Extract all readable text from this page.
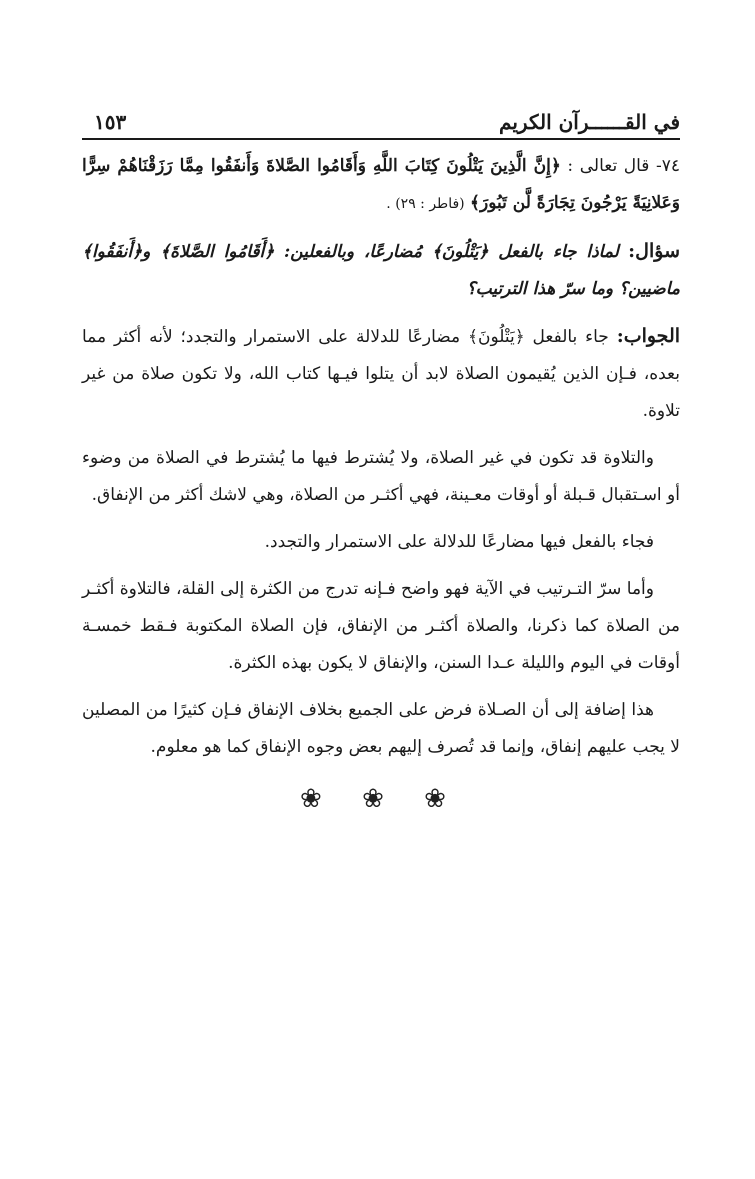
في القــــــرآن الكريم
١٥٣

٧٤- قال تعالى : ﴿إِنَّ الَّذِينَ يَتْلُونَ كِتَابَ اللَّهِ وَأَقَامُوا الصَّلاةَ وَأَنفَقُوا مِمَّا رَزَقْنَاهُمْ سِرًّا وَعَلانِيَةً يَرْجُونَ تِجَارَةً لَّن تَبُورَ﴾ (فاطر : ٢٩) .

سؤال: لماذا جاء بالفعل ﴿يَتْلُونَ﴾ مُضارعًا، وبالفعلين: ﴿أَقَامُوا الصَّلاةَ﴾ و﴿أَنفَقُوا﴾ ماضيين؟ وما سرّ هذا الترتيب؟

الجواب: جاء بالفعل ﴿يَتْلُونَ﴾ مضارعًا للدلالة على الاستمرار والتجدد؛ لأنه أكثر مما بعده، فـإن الذين يُقيمون الصلاة لابد أن يتلوا فيـها كتاب الله، ولا تكون صلاة من غير تلاوة.

والتلاوة قد تكون في غير الصلاة، ولا يُشترط فيها ما يُشترط في الصلاة من وضوء أو اسـتقبال قـبلة أو أوقات معـينة، فهي أكثـر من الصلاة، وهي لاشك أكثر من الإنفاق.

فجاء بالفعل فيها مضارعًا للدلالة على الاستمرار والتجدد.

وأما سرّ التـرتيب في الآية فهو واضح فـإنه تدرج من الكثرة إلى القلة، فالتلاوة أكثـر من الصلاة كما ذكرنا، والصلاة أكثـر من الإنفاق، فإن الصلاة المكتوبة فـقط خمسـة أوقات في اليوم والليلة عـدا السنن، والإنفاق لا يكون بهذه الكثرة.

هذا إضافة إلى أن الصـلاة فرض على الجميع بخلاف الإنفاق فـإن كثيرًا من المصلين لا يجب عليهم إنفاق، وإنما قد تُصرف إليهم بعض وجوه الإنفاق كما هو معلوم.

❀ ❀ ❀
